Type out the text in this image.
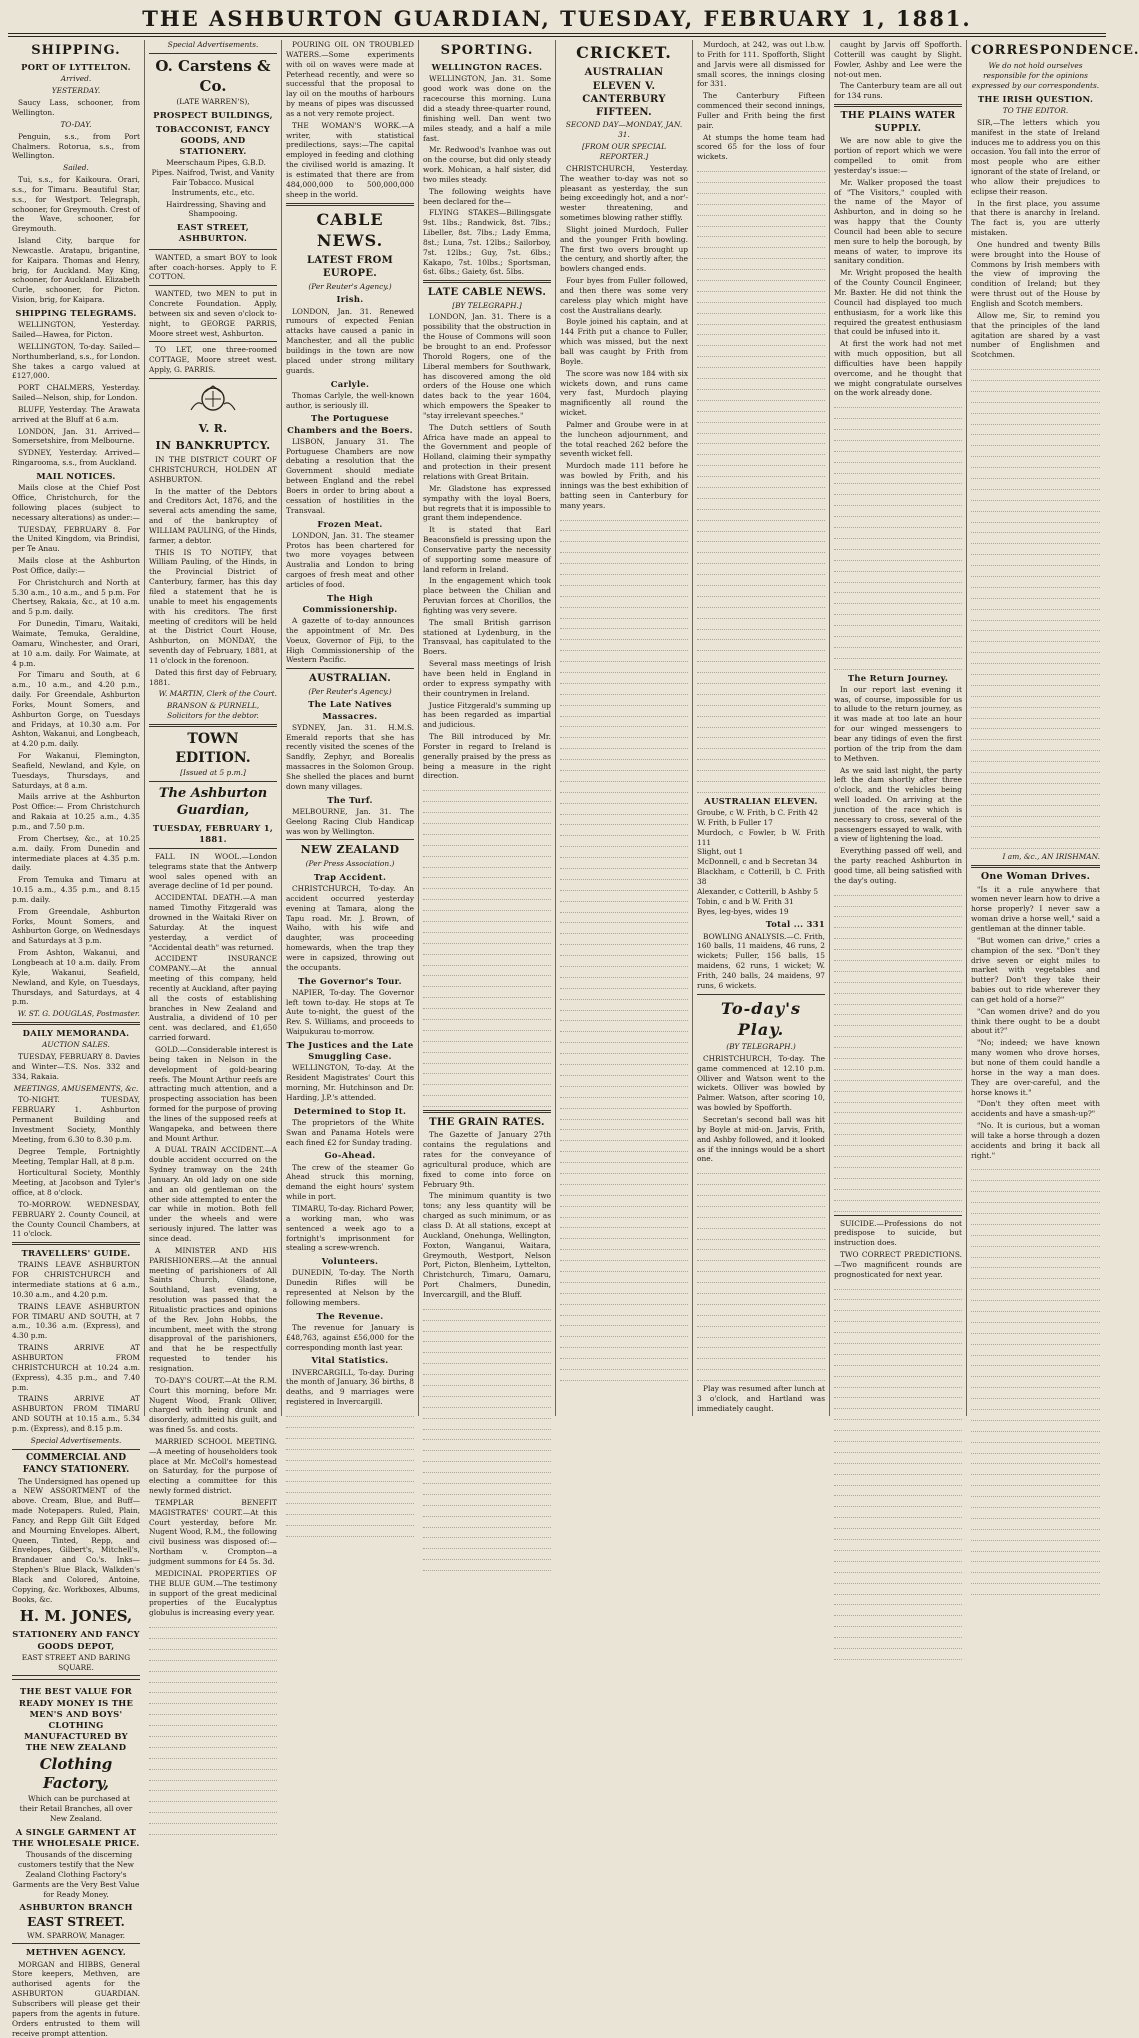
THE ASHBURTON GUARDIAN, TUESDAY, FEBRUARY 1, 1881.
SHIPPING.
PORT OF LYTTELTON.
Arrived.
YESTERDAY.

Saucy Lass, schooner, from Wellington.

TO-DAY.

Penguin, s.s., from Port Chalmers. Rotorua, s.s., from Wellington.

Sailed.

Tui, s.s., for Kaikoura. Orari, s.s., for Timaru. Beautiful Star, s.s., for Westport. Telegraph, schooner, for Greymouth. Crest of the Wave, schooner, for Greymouth.

Island City, barque for Newcastle. Aratapu, brigantine, for Kaipara. Thomas and Henry, brig, for Auckland. May King, schooner, for Auckland. Elizabeth Curle, schooner, for Picton. Vision, brig, for Kaipara.

SHIPPING TELEGRAMS.

WELLINGTON, Yesterday. Sailed—Hawea, for Picton.

WELLINGTON, To-day. Sailed—Northumberland, s.s., for London. She takes a cargo valued at £127,000.

PORT CHALMERS, Yesterday. Sailed—Nelson, ship, for London.

BLUFF, Yesterday. The Arawata arrived at the Bluff at 6 a.m.

LONDON, Jan. 31. Arrived—Somersetshire, from Melbourne.

SYDNEY, Yesterday. Arrived—Ringarooma, s.s., from Auckland.

MAIL NOTICES.

Mails close at the Chief Post Office, Christchurch, for the following places (subject to necessary alterations) as under:—

TUESDAY, FEBRUARY 8. For the United Kingdom, via Brindisi, per Te Anau.

Mails close at the Ashburton Post Office, daily:—

For Christchurch and North at 5.30 a.m., 10 a.m., and 5 p.m. For Chertsey, Rakaia, &c., at 10 a.m. and 5 p.m. daily.

For Dunedin, Timaru, Waitaki, Waimate, Temuka, Geraldine, Oamaru, Winchester, and Orari, at 10 a.m. daily. For Waimate, at 4 p.m.

For Timaru and South, at 6 a.m., 10 a.m., and 4.20 p.m., daily. For Greendale, Ashburton Forks, Mount Somers, and Ashburton Gorge, on Tuesdays and Fridays, at 10.30 a.m. For Ashton, Wakanui, and Longbeach, at 4.20 p.m. daily.

For Wakanui, Flemington, Seafield, Newland, and Kyle, on Tuesdays, Thursdays, and Saturdays, at 8 a.m.

Mails arrive at the Ashburton Post Office:— From Christchurch and Rakaia at 10.25 a.m., 4.35 p.m., and 7.50 p.m.

From Chertsey, &c., at 10.25 a.m. daily. From Dunedin and intermediate places at 4.35 p.m. daily.

From Temuka and Timaru at 10.15 a.m., 4.35 p.m., and 8.15 p.m. daily.

From Greendale, Ashburton Forks, Mount Somers, and Ashburton Gorge, on Wednesdays and Saturdays at 3 p.m.

From Ashton, Wakanui, and Longbeach at 10 a.m. daily. From Kyle, Wakanui, Seafield, Newland, and Kyle, on Tuesdays, Thursdays, and Saturdays, at 4 p.m.

W. ST. G. DOUGLAS, Postmaster.
DAILY MEMORANDA.
AUCTION SALES.

TUESDAY, FEBRUARY 8. Davies and Winter—T.S. Nos. 332 and 334, Rakaia.

MEETINGS, AMUSEMENTS, &c.

TO-NIGHT. TUESDAY, FEBRUARY 1. Ashburton Permanent Building and Investment Society, Monthly Meeting, from 6.30 to 8.30 p.m.

Degree Temple, Fortnightly Meeting, Templar Hall, at 8 p.m.

Horticultural Society, Monthly Meeting, at Jacobson and Tyler's office, at 8 o'clock.

TO-MORROW. WEDNESDAY, FEBRUARY 2. County Council, at the County Council Chambers, at 11 o'clock.

TRAVELLERS' GUIDE.

TRAINS LEAVE ASHBURTON FOR CHRISTCHURCH and intermediate stations at 6 a.m., 10.30 a.m., and 4.20 p.m.

TRAINS LEAVE ASHBURTON FOR TIMARU AND SOUTH, at 7 a.m., 10.36 a.m. (Express), and 4.30 p.m.

TRAINS ARRIVE AT ASHBURTON FROM CHRISTCHURCH at 10.24 a.m. (Express), 4.35 p.m., and 7.40 p.m.

TRAINS ARRIVE AT ASHBURTON FROM TIMARU AND SOUTH at 10.15 a.m., 5.34 p.m. (Express), and 8.15 p.m.

Special Advertisements.
COMMERCIAL AND FANCY STATIONERY.

The Undersigned has opened up a NEW ASSORTMENT of the above. Cream, Blue, and Buff—made Notepapers. Ruled, Plain, Fancy, and Repp Gilt Gilt Edged and Mourning Envelopes. Albert, Queen, Tinted, Repp, and Envelopes, Gilbert's, Mitchell's, Brandauer and Co.'s. Inks—Stephen's Blue Black, Walkden's Black and Colored, Antoine, Copying, &c. Workboxes, Albums, Books, &c.

H. M. JONES,
STATIONERY AND FANCY GOODS DEPOT,
EAST STREET AND BARING SQUARE.
THE BEST VALUE FOR READY MONEY IS THE MEN'S AND BOYS' CLOTHING MANUFACTURED BY THE NEW ZEALAND
Clothing Factory,

Which can be purchased at their Retail Branches, all over New Zealand.

A SINGLE GARMENT AT THE WHOLESALE PRICE.

Thousands of the discerning customers testify that the New Zealand Clothing Factory's Garments are the Very Best Value for Ready Money.

ASHBURTON BRANCH
EAST STREET.
WM. SPARROW, Manager.
METHVEN AGENCY.

MORGAN and HIBBS, General Store keepers, Methven, are authorised agents for the ASHBURTON GUARDIAN. Subscribers will please get their papers from the agents in future. Orders entrusted to them will receive prompt attention.

Special Advertisements.
O. Carstens & Co.
(LATE WARREN'S),
PROSPECT BUILDINGS,
TOBACCONIST, FANCY GOODS, AND STATIONERY.

Meerschaum Pipes, G.B.D. Pipes. Naifrod, Twist, and Vanity Fair Tobacco. Musical Instruments, etc., etc.

Hairdressing, Shaving and Shampooing.

EAST STREET, ASHBURTON.

WANTED, a smart BOY to look after coach-horses. Apply to F. COTTON.

WANTED, two MEN to put in Concrete Foundation. Apply, between six and seven o'clock to-night, to GEORGE PARRIS, Moore street west, Ashburton.

TO LET, one three-roomed COTTAGE, Moore street west. Apply, G. PARRIS.

V. R.
IN BANKRUPTCY.

IN THE DISTRICT COURT OF CHRISTCHURCH, HOLDEN AT ASHBURTON.

In the matter of the Debtors and Creditors Act, 1876, and the several acts amending the same, and of the bankruptcy of WILLIAM PAULING, of the Hinds, farmer, a debtor.

THIS IS TO NOTIFY, that William Pauling, of the Hinds, in the Provincial District of Canterbury, farmer, has this day filed a statement that he is unable to meet his engagements with his creditors. The first meeting of creditors will be held at the District Court House, Ashburton, on MONDAY, the seventh day of February, 1881, at 11 o'clock in the forenoon.

Dated this first day of February, 1881.

W. MARTIN, Clerk of the Court.
BRANSON & PURNELL, Solicitors for the debtor.
TOWN EDITION.
[Issued at 5 p.m.]
The Ashburton Guardian,
TUESDAY, FEBRUARY 1, 1881.

FALL IN WOOL.—London telegrams state that the Antwerp wool sales opened with an average decline of 1d per pound.

ACCIDENTAL DEATH.—A man named Timothy Fitzgerald was drowned in the Waitaki River on Saturday. At the inquest yesterday, a verdict of "Accidental death" was returned.

ACCIDENT INSURANCE COMPANY.—At the annual meeting of this company, held recently at Auckland, after paying all the costs of establishing branches in New Zealand and Australia, a dividend of 10 per cent. was declared, and £1,650 carried forward.

GOLD.—Considerable interest is being taken in Nelson in the development of gold-bearing reefs. The Mount Arthur reefs are attracting much attention, and a prospecting association has been formed for the purpose of proving the lines of the supposed reefs at Wangapeka, and between there and Mount Arthur.

A DUAL TRAIN ACCIDENT.—A double accident occurred on the Sydney tramway on the 24th January. An old lady on one side and an old gentleman on the other side attempted to enter the car while in motion. Both fell under the wheels and were seriously injured. The latter was since dead.

A MINISTER AND HIS PARISHIONERS.—At the annual meeting of parishioners of All Saints Church, Gladstone, Southland, last evening, a resolution was passed that the Ritualistic practices and opinions of the Rev. John Hobbs, the incumbent, meet with the strong disapproval of the parishioners, and that he be respectfully requested to tender his resignation.

TO-DAY'S COURT.—At the R.M. Court this morning, before Mr. Nugent Wood, Frank Olliver, charged with being drunk and disorderly, admitted his guilt, and was fined 5s. and costs.

MARRIED SCHOOL MEETING.—A meeting of householders took place at Mr. McColl's homestead on Saturday, for the purpose of electing a committee for this newly formed district.

TEMPLAR BENEFIT MAGISTRATES' COURT.—At this Court yesterday, before Mr. Nugent Wood, R.M., the following civil business was disposed of:—Northam v. Crompton—a judgment summons for £4 5s. 3d.

MEDICINAL PROPERTIES OF THE BLUE GUM.—The testimony in support of the great medicinal properties of the Eucalyptus globulus is increasing every year.

POURING OIL ON TROUBLED WATERS.—Some experiments with oil on waves were made at Peterhead recently, and were so successful that the proposal to lay oil on the mouths of harbours by means of pipes was discussed as a not very remote project.

THE WOMAN'S WORK.—A writer, with statistical predilections, says:—The capital employed in feeding and clothing the civilised world is amazing. It is estimated that there are from 484,000,000 to 500,000,000 sheep in the world.

CABLE NEWS.
LATEST FROM EUROPE.
(Per Reuter's Agency.)
Irish.

LONDON, Jan. 31. Renewed rumours of expected Fenian attacks have caused a panic in Manchester, and all the public buildings in the town are now placed under strong military guards.

Carlyle.

Thomas Carlyle, the well-known author, is seriously ill.

The Portuguese Chambers and the Boers.

LISBON, January 31. The Portuguese Chambers are now debating a resolution that the Government should mediate between England and the rebel Boers in order to bring about a cessation of hostilities in the Transvaal.

Frozen Meat.

LONDON, Jan. 31. The steamer Protos has been chartered for two more voyages between Australia and London to bring cargoes of fresh meat and other articles of food.

The High Commissionership.

A gazette of to-day announces the appointment of Mr. Des Voeux, Governor of Fiji, to the High Commissionership of the Western Pacific.

AUSTRALIAN.
(Per Reuter's Agency.)
The Late Natives Massacres.

SYDNEY, Jan. 31. H.M.S. Emerald reports that she has recently visited the scenes of the Sandfly, Zephyr, and Borealis massacres in the Solomon Group. She shelled the places and burnt down many villages.

The Turf.

MELBOURNE, Jan. 31. The Geelong Racing Club Handicap was won by Wellington.

NEW ZEALAND
(Per Press Association.)
Trap Accident.

CHRISTCHURCH, To-day. An accident occurred yesterday evening at Tamara, along the Tapu road. Mr. J. Brown, of Waiho, with his wife and daughter, was proceeding homewards, when the trap they were in capsized, throwing out the occupants.

The Governor's Tour.

NAPIER, To-day. The Governor left town to-day. He stops at Te Aute to-night, the guest of the Rev. S. Williams, and proceeds to Waipukurau to-morrow.

The Justices and the Late Smuggling Case.

WELLINGTON, To-day. At the Resident Magistrates' Court this morning, Mr. Hutchinson and Dr. Harding, J.P.'s attended.

Determined to Stop It.

The proprietors of the White Swan and Panama Hotels were each fined £2 for Sunday trading.

Go-Ahead.

The crew of the steamer Go Ahead struck this morning, demand the eight hours' system while in port.

TIMARU, To-day. Richard Power, a working man, who was sentenced a week ago to a fortnight's imprisonment for stealing a screw-wrench.

Volunteers.

DUNEDIN, To-day. The North Dunedin Rifles will be represented at Nelson by the following members.

The Revenue.

The revenue for January is £48,763, against £56,000 for the corresponding month last year.

Vital Statistics.

INVERCARGILL, To-day. During the month of January, 36 births, 8 deaths, and 9 marriages were registered in Invercargill.

SPORTING.
WELLINGTON RACES.

WELLINGTON, Jan. 31. Some good work was done on the racecourse this morning. Luna did a steady three-quarter round, finishing well. Dan went two miles steady, and a half a mile fast.

Mr. Redwood's Ivanhoe was out on the course, but did only steady work. Mohican, a half sister, did two miles steady.

The following weights have been declared for the—

FLYING STAKES—Billingsgate 9st. 1lbs.; Randwick, 8st. 7lbs.; Libeller, 8st. 7lbs.; Lady Emma, 8st.; Luna, 7st. 12lbs.; Sailorboy, 7st. 12lbs.; Guy, 7st. 6lbs.; Kakapo, 7st. 10lbs.; Sportsman, 6st. 6lbs.; Gaiety, 6st. 5lbs.

LATE CABLE NEWS.
[BY TELEGRAPH.]

LONDON, Jan. 31. There is a possibility that the obstruction in the House of Commons will soon be brought to an end. Professor Thorold Rogers, one of the Liberal members for Southwark, has discovered among the old orders of the House one which dates back to the year 1604, which empowers the Speaker to "stay irrelevant speeches."

The Dutch settlers of South Africa have made an appeal to the Government and people of Holland, claiming their sympathy and protection in their present relations with Great Britain.

Mr. Gladstone has expressed sympathy with the loyal Boers, but regrets that it is impossible to grant them independence.

It is stated that Earl Beaconsfield is pressing upon the Conservative party the necessity of supporting some measure of land reform in Ireland.

In the engagement which took place between the Chilian and Peruvian forces at Chorillos, the fighting was very severe.

The small British garrison stationed at Lydenburg, in the Transvaal, has capitulated to the Boers.

Several mass meetings of Irish have been held in England in order to express sympathy with their countrymen in Ireland.

Justice Fitzgerald's summing up has been regarded as impartial and judicious.

The Bill introduced by Mr. Forster in regard to Ireland is generally praised by the press as being a measure in the right direction.

THE GRAIN RATES.

The Gazette of January 27th contains the regulations and rates for the conveyance of agricultural produce, which are fixed to come into force on February 9th.

The minimum quantity is two tons; any less quantity will be charged as such minimum, or as class D. At all stations, except at Auckland, Onehunga, Wellington, Foxton, Wanganui, Waitara, Greymouth, Westport, Nelson Port, Picton, Blenheim, Lyttelton, Christchurch, Timaru, Oamaru, Port Chalmers, Dunedin, Invercargill, and the Bluff.

CRICKET.
AUSTRALIAN ELEVEN V. CANTERBURY FIFTEEN.
SECOND DAY—MONDAY, JAN. 31.
[FROM OUR SPECIAL REPORTER.]

CHRISTCHURCH, Yesterday. The weather to-day was not so pleasant as yesterday, the sun being exceedingly hot, and a nor'-wester threatening, and sometimes blowing rather stiffly.

Slight joined Murdoch, Fuller and the younger Frith bowling. The first two overs brought up the century, and shortly after, the bowlers changed ends.

Four byes from Fuller followed, and then there was some very careless play which might have cost the Australians dearly.

Boyle joined his captain, and at 144 Frith put a chance to Fuller, which was missed, but the next ball was caught by Frith from Boyle.

The score was now 184 with six wickets down, and runs came very fast, Murdoch playing magnificently all round the wicket.

Palmer and Groube were in at the luncheon adjournment, and the total reached 262 before the seventh wicket fell.

Murdoch made 111 before he was bowled by Frith, and his innings was the best exhibition of batting seen in Canterbury for many years.

Murdoch, at 242, was out l.b.w. to Frith for 111. Spofforth, Slight and Jarvis were all dismissed for small scores, the innings closing for 331.

The Canterbury Fifteen commenced their second innings, Fuller and Frith being the first pair.

At stumps the home team had scored 65 for the loss of four wickets.

AUSTRALIAN ELEVEN.
Groube, c W. Frith, b C. Frith 42
W. Frith, b Fuller 17
Murdoch, c Fowler, b W. Frith 111
Slight, out 1
McDonnell, c and b Secretan 34
Blackham, c Cotterill, b C. Frith 38
Alexander, c Cotterill, b Ashby 5
Tobin, c and b W. Frith 31
Byes, leg-byes, wides 19
Total ... 331

BOWLING ANALYSIS.—C. Frith, 160 balls, 11 maidens, 46 runs, 2 wickets; Fuller, 156 balls, 15 maidens, 62 runs, 1 wicket; W. Frith, 240 balls, 24 maidens, 97 runs, 6 wickets.

To-day's Play.
(BY TELEGRAPH.)

CHRISTCHURCH, To-day. The game commenced at 12.10 p.m. Olliver and Watson went to the wickets. Olliver was bowled by Palmer. Watson, after scoring 10, was bowled by Spofforth.

Secretan's second ball was hit by Boyle at mid-on. Jarvis, Frith, and Ashby followed, and it looked as if the innings would be a short one.

Play was resumed after lunch at 3 o'clock, and Hartland was immediately caught.

caught by Jarvis off Spofforth. Cotterill was caught by Slight. Fowler, Ashby and Lee were the not-out men.

The Canterbury team are all out for 134 runs.

THE PLAINS WATER SUPPLY.

We are now able to give the portion of report which we were compelled to omit from yesterday's issue:—

Mr. Walker proposed the toast of "The Visitors," coupled with the name of the Mayor of Ashburton, and in doing so he was happy that the County Council had been able to secure men sure to help the borough, by means of water, to improve its sanitary condition.

Mr. Wright proposed the health of the County Council Engineer, Mr. Baxter. He did not think the Council had displayed too much enthusiasm, for a work like this required the greatest enthusiasm that could be infused into it.

At first the work had not met with much opposition, but all difficulties have been happily overcome, and he thought that we might congratulate ourselves on the work already done.

The Return Journey.

In our report last evening it was, of course, impossible for us to allude to the return journey, as it was made at too late an hour for our winged messengers to bear any tidings of even the first portion of the trip from the dam to Methven.

As we said last night, the party left the dam shortly after three o'clock, and the vehicles being well loaded. On arriving at the junction of the race which is necessary to cross, several of the passengers essayed to walk, with a view of lightening the load.

Everything passed off well, and the party reached Ashburton in good time, all being satisfied with the day's outing.

SUICIDE.—Professions do not predispose to suicide, but instruction does.

TWO CORRECT PREDICTIONS.—Two magnificent rounds are prognosticated for next year.

CORRESPONDENCE.
We do not hold ourselves responsible for the opinions expressed by our correspondents.
THE IRISH QUESTION.
TO THE EDITOR.

SIR,—The letters which you manifest in the state of Ireland induces me to address you on this occasion. You fall into the error of most people who are either ignorant of the state of Ireland, or who allow their prejudices to eclipse their reason.

In the first place, you assume that there is anarchy in Ireland. The fact is, you are utterly mistaken.

One hundred and twenty Bills were brought into the House of Commons by Irish members with the view of improving the condition of Ireland; but they were thrust out of the House by English and Scotch members.

Allow me, Sir, to remind you that the principles of the land agitation are shared by a vast number of Englishmen and Scotchmen.

I am, &c., AN IRISHMAN.
One Woman Drives.

"Is it a rule anywhere that women never learn how to drive a horse properly? I never saw a woman drive a horse well," said a gentleman at the dinner table.

"But women can drive," cries a champion of the sex. "Don't they drive seven or eight miles to market with vegetables and butter? Don't they take their babies out to ride wherever they can get hold of a horse?"

"Can women drive? and do you think there ought to be a doubt about it?"

"No; indeed; we have known many women who drove horses, but none of them could handle a horse in the way a man does. They are over-careful, and the horse knows it."

"Don't they often meet with accidents and have a smash-up?"

"No. It is curious, but a woman will take a horse through a dozen accidents and bring it back all right."
